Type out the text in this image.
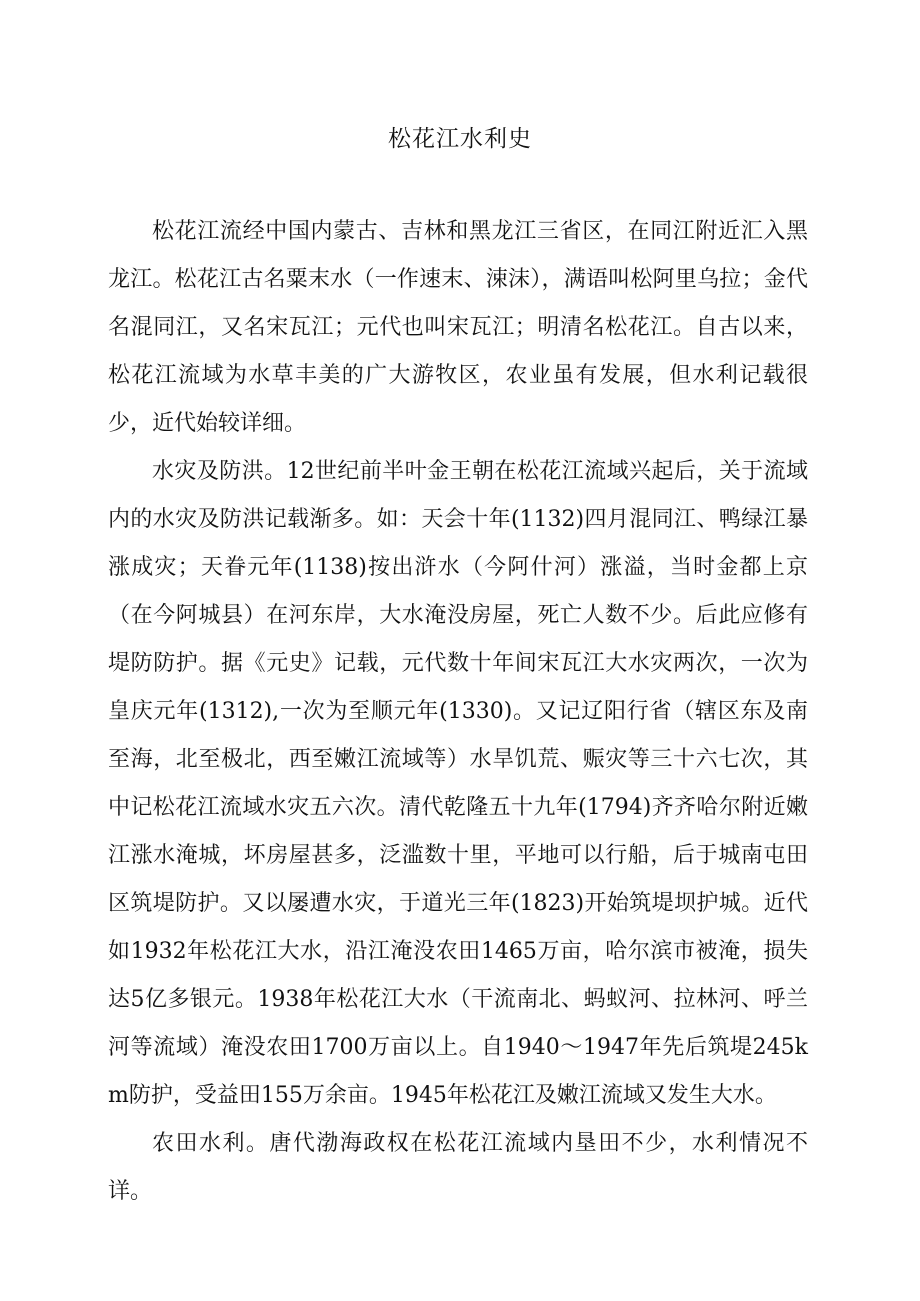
松花江水利史

松花江流经中国内蒙古、吉林和黑龙江三省区，在同江附近汇入黑龙江。松花江古名粟末水（一作速末、涑沫），满语叫松阿里乌拉；金代名混同江，又名宋瓦江；元代也叫宋瓦江；明清名松花江。自古以来，松花江流域为水草丰美的广大游牧区，农业虽有发展，但水利记载很少，近代始较详细。

水灾及防洪。12世纪前半叶金王朝在松花江流域兴起后，关于流域内的水灾及防洪记载渐多。如：天会十年(1132)四月混同江、鸭绿江暴涨成灾；天眷元年(1138)按出浒水（今阿什河）涨溢，当时金都上京（在今阿城县）在河东岸，大水淹没房屋，死亡人数不少。后此应修有堤防防护。据《元史》记载，元代数十年间宋瓦江大水灾两次，一次为皇庆元年(1312),一次为至顺元年(1330)。又记辽阳行省（辖区东及南至海，北至极北，西至嫩江流域等）水旱饥荒、赈灾等三十六七次，其中记松花江流域水灾五六次。清代乾隆五十九年(1794)齐齐哈尔附近嫩江涨水淹城，坏房屋甚多，泛滥数十里，平地可以行船，后于城南屯田区筑堤防护。又以屡遭水灾，于道光三年(1823)开始筑堤坝护城。近代如1932年松花江大水，沿江淹没农田1465万亩，哈尔滨市被淹，损失达5亿多银元。1938年松花江大水（干流南北、蚂蚁河、拉林河、呼兰河等流域）淹没农田1700万亩以上。自1940～1947年先后筑堤245km防护，受益田155万余亩。1945年松花江及嫩江流域又发生大水。

农田水利。唐代渤海政权在松花江流域内垦田不少，水利情况不详。
